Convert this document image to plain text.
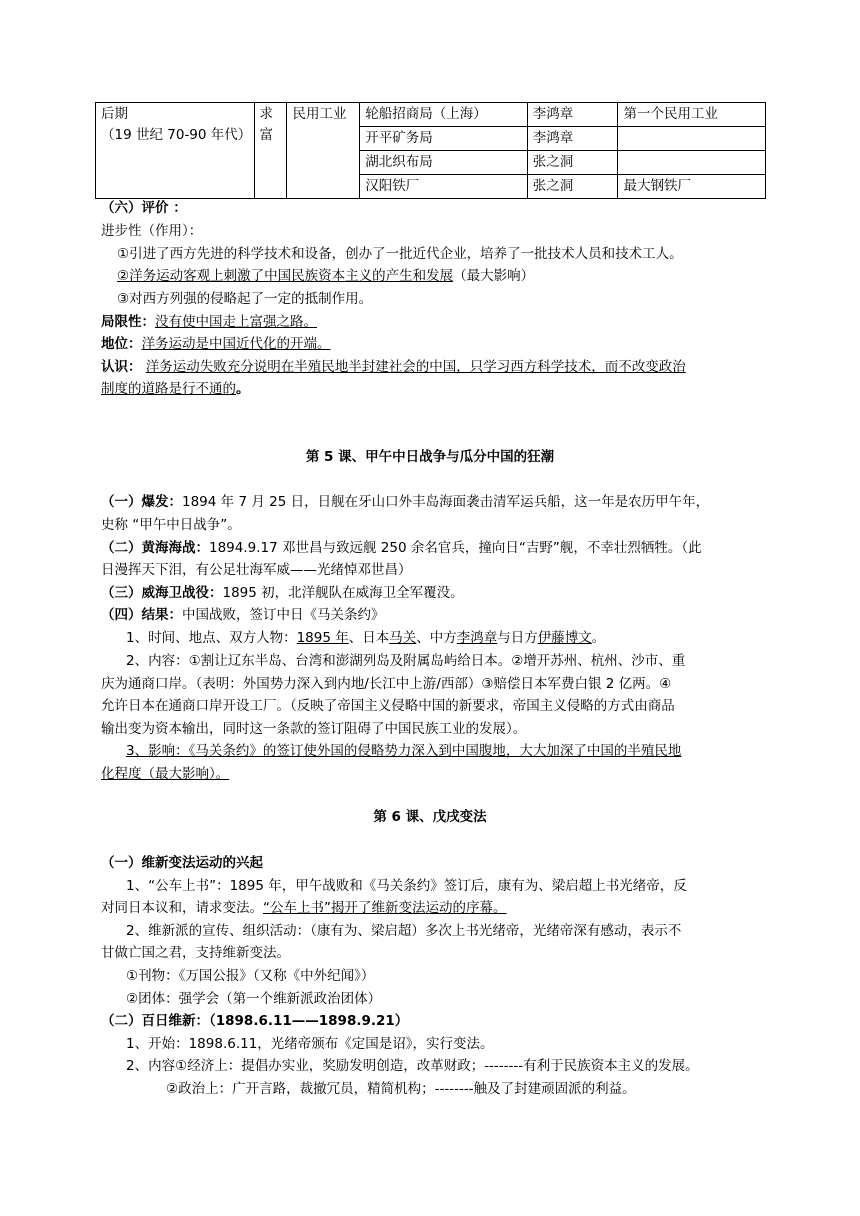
后期
（19 世纪 70-90 年代）	求富	民用工业	轮船招商局（上海）	李鸿章	第一个民用工业
			开平矿务局	李鸿章	
			湖北织布局	张之洞	
			汉阳铁厂	张之洞	最大钢铁厂
（六）评价 ：
进步性（作用）：
①引进了西方先进的科学技术和设备，创办了一批近代企业，培养了一批技术人员和技术工人。
②洋务运动客观上刺激了中国民族资本主义的产生和发展（最大影响）
③对西方列强的侵略起了一定的抵制作用。
局限性：没有使中国走上富强之路。
地位：洋务运动是中国近代化的开端。
认识： 洋务运动失败充分说明在半殖民地半封建社会的中国，只学习西方科学技术，而不改变政治
制度的道路是行不通的。
第 5 课、甲午中日战争与瓜分中国的狂潮
（一）爆发：1894 年 7 月 25 日，日舰在牙山口外丰岛海面袭击清军运兵船，这一年是农历甲午年，
史称 “甲午中日战争”。
（二）黄海海战：1894.9.17 邓世昌与致远舰 250 余名官兵，撞向日“吉野”舰，不幸壮烈牺牲。（此
日漫挥天下泪，有公足壮海军威——光绪悼邓世昌）
（三）威海卫战役：1895 初，北洋舰队在威海卫全军覆没。
（四）结果：中国战败，签订中日《马关条约》
1、时间、地点、双方人物：1895 年、日本马关、中方李鸿章与日方伊藤博文。
2、内容：①割让辽东半岛、台湾和澎湖列岛及附属岛屿给日本。②增开苏州、杭州、沙市、重
庆为通商口岸。（表明：外国势力深入到内地/长江中上游/西部）③赔偿日本军费白银 2 亿两。④
允许日本在通商口岸开设工厂。（反映了帝国主义侵略中国的新要求，帝国主义侵略的方式由商品
输出变为资本输出，同时这一条款的签订阻碍了中国民族工业的发展）。
3、影响：《马关条约》的签订使外国的侵略势力深入到中国腹地，大大加深了中国的半殖民地
化程度（最大影响）。
第 6 课、戊戌变法
（一）维新变法运动的兴起
1、“公车上书”：1895 年，甲午战败和《马关条约》签订后，康有为、梁启超上书光绪帝，反
对同日本议和，请求变法。“公车上书”揭开了维新变法运动的序幕。
2、维新派的宣传、组织活动：（康有为、梁启超）多次上书光绪帝，光绪帝深有感动，表示不
甘做亡国之君，支持维新变法。
①刊物：《万国公报》（又称《中外纪闻》）
②团体：强学会（第一个维新派政治团体）
（二）百日维新：（1898.6.11——1898.9.21）
1、开始：1898.6.11，光绪帝颁布《定国是诏》，实行变法。
2、内容①经济上：提倡办实业，奖励发明创造，改革财政；--------有利于民族资本主义的发展。
②政治上：广开言路，裁撤冗员，精简机构；--------触及了封建顽固派的利益。
